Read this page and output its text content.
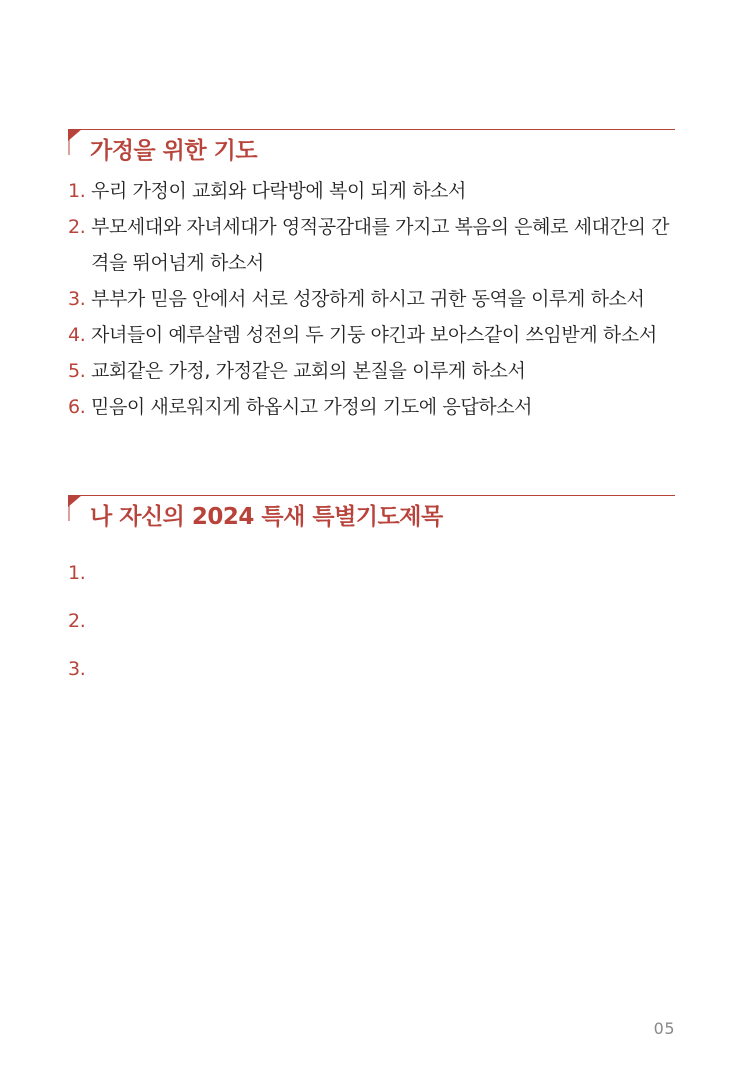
가정을 위한 기도
1. 우리 가정이 교회와 다락방에 복이 되게 하소서
2. 부모세대와 자녀세대가 영적공감대를 가지고 복음의 은혜로 세대간의 간격을 뛰어넘게 하소서
3. 부부가 믿음 안에서 서로 성장하게 하시고 귀한 동역을 이루게 하소서
4. 자녀들이 예루살렘 성전의 두 기둥 야긴과 보아스같이 쓰임받게 하소서
5. 교회같은 가정, 가정같은 교회의 본질을 이루게 하소서
6. 믿음이 새로워지게 하옵시고 가정의 기도에 응답하소서
나 자신의 2024 특새 특별기도제목
1.
2.
3.
05
